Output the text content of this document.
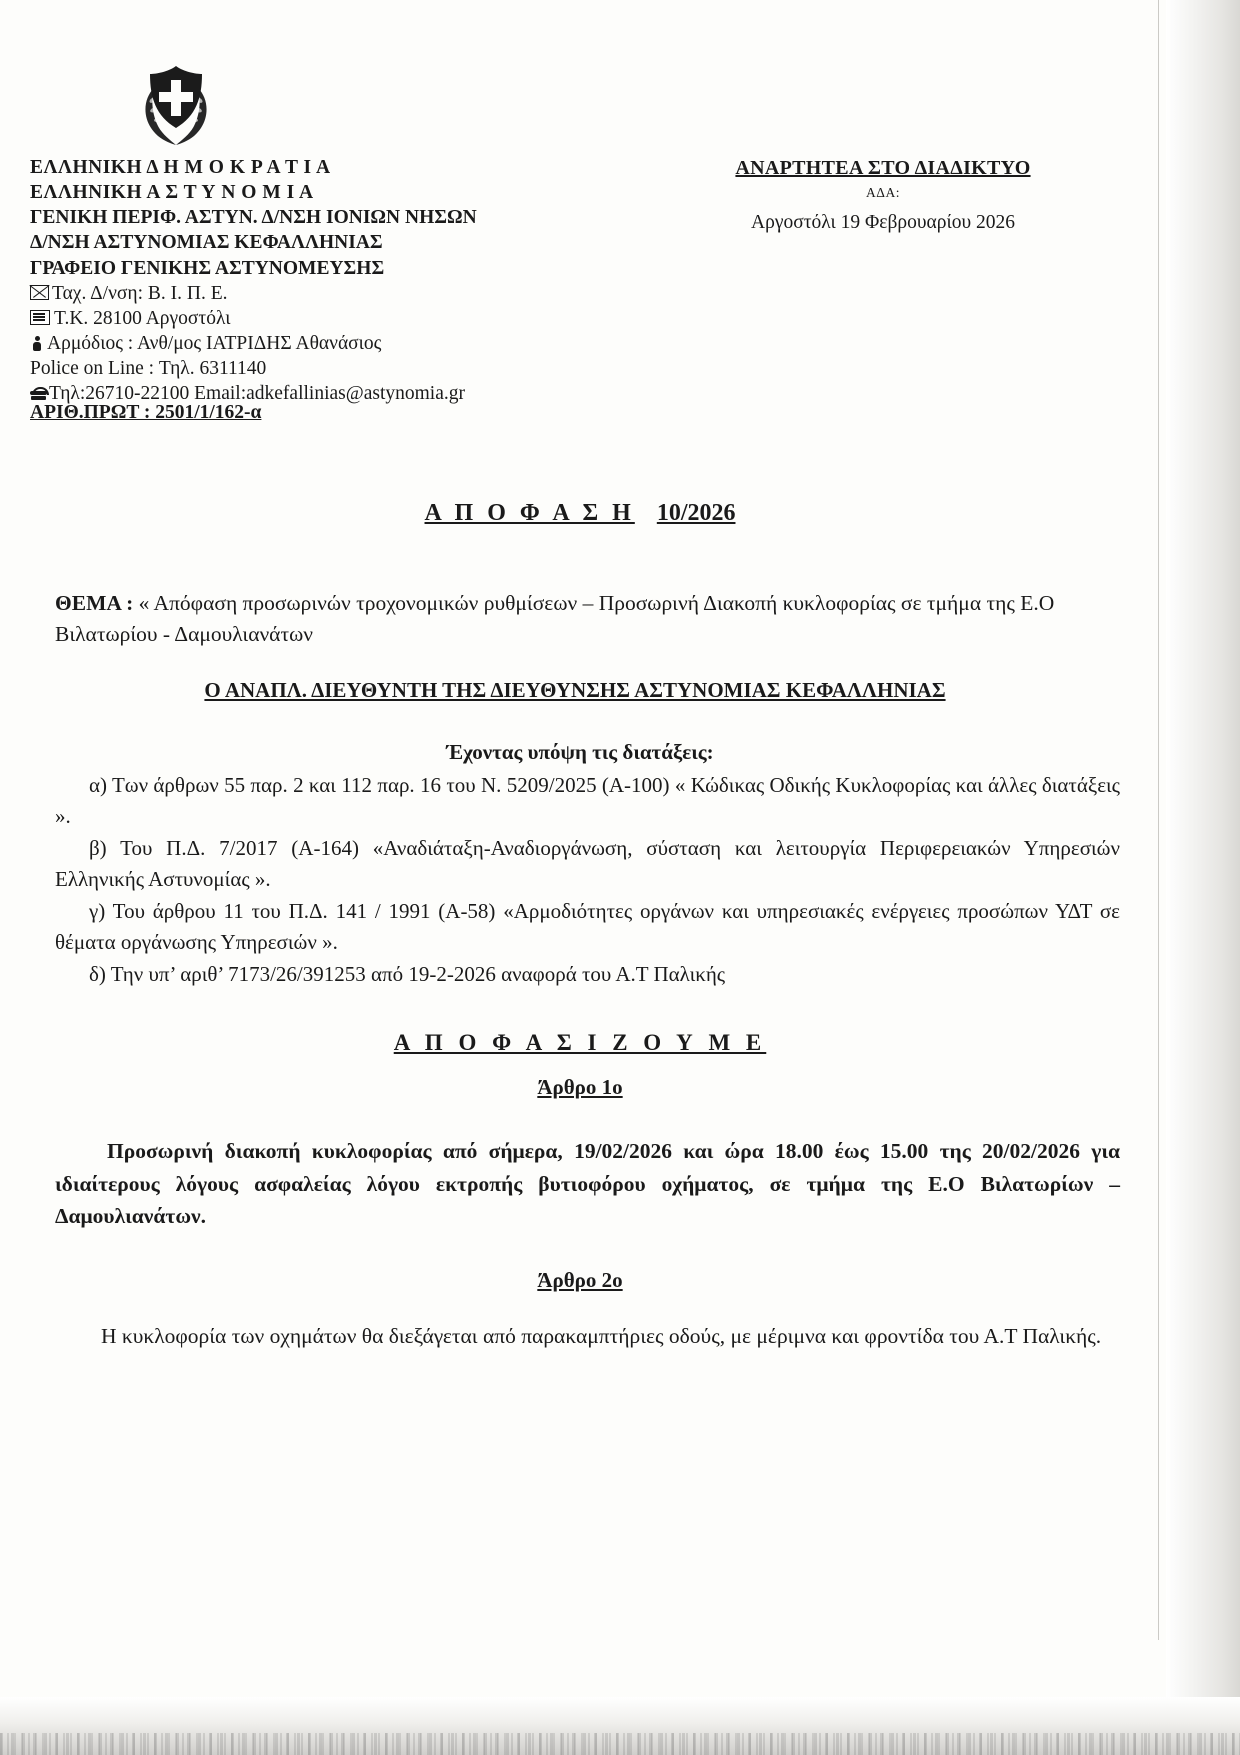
ΕΛΛΗΝΙΚΗ Δ Η Μ Ο Κ Ρ Α Τ Ι Α
ΕΛΛΗΝΙΚΗ Α Σ Τ Υ Ν Ο Μ Ι Α
ΓΕΝΙΚΗ ΠΕΡΙΦ. ΑΣΤΥΝ. Δ/ΝΣΗ ΙΟΝΙΩΝ ΝΗΣΩΝ
Δ/ΝΣΗ ΑΣΤΥΝΟΜΙΑΣ ΚΕΦΑΛΛΗΝΙΑΣ
ΓΡΑΦΕΙΟ ΓΕΝΙΚΗΣ ΑΣΤΥΝΟΜΕΥΣΗΣ
Ταχ. Δ/νση: Β. Ι. Π. Ε.
Τ.Κ. 28100 Αργοστόλι
Αρμόδιος : Ανθ/μος ΙΑΤΡΙΔΗΣ Αθανάσιος
Police on Line : Τηλ. 6311140
Τηλ:26710-22100 Email:adkefallinias@astynomia.gr
ΑΡΙΘ.ΠΡΩΤ : 2501/1/162-α
ΑΝΑΡΤΗΤΕΑ ΣΤΟ ΔΙΑΔΙΚΤΥΟ
ΑΔΑ:
Αργοστόλι 19 Φεβρουαρίου 2026
Α Π Ο Φ Α Σ Η 10/2026
ΘΕΜΑ : « Απόφαση προσωρινών τροχονομικών ρυθμίσεων – Προσωρινή Διακοπή κυκλοφορίας σε τμήμα της Ε.Ο Βιλατωρίου - Δαμουλιανάτων
Ο ΑΝΑΠΛ. ΔΙΕΥΘΥΝΤΗ ΤΗΣ ΔΙΕΥΘΥΝΣΗΣ ΑΣΤΥΝΟΜΙΑΣ ΚΕΦΑΛΛΗΝΙΑΣ
Έχοντας υπόψη τις διατάξεις:

α) Των άρθρων 55 παρ. 2 και 112 παρ. 16 του Ν. 5209/2025 (Α-100) « Κώδικας Οδικής Κυκλοφορίας και άλλες διατάξεις ».

β) Του Π.Δ. 7/2017 (Α-164) «Αναδιάταξη-Αναδιοργάνωση, σύσταση και λειτουργία Περιφερειακών Υπηρεσιών Ελληνικής Αστυνομίας ».

γ) Του άρθρου 11 του Π.Δ. 141 / 1991 (Α-58) «Αρμοδιότητες οργάνων και υπηρεσιακές ενέργειες προσώπων ΥΔΤ σε θέματα οργάνωσης Υπηρεσιών ».

δ) Την υπ’ αριθ’ 7173/26/391253 από 19-2-2026 αναφορά του Α.Τ Παλικής

Α Π Ο Φ Α Σ Ι Ζ Ο Υ Μ Ε
Άρθρο 1ο
Προσωρινή διακοπή κυκλοφορίας από σήμερα, 19/02/2026 και ώρα 18.00 έως 15.00 της 20/02/2026 για ιδιαίτερους λόγους ασφαλείας λόγου εκτροπής βυτιοφόρου οχήματος, σε τμήμα της Ε.Ο Βιλατωρίων – Δαμουλιανάτων.
Άρθρο 2ο
Η κυκλοφορία των οχημάτων θα διεξάγεται από παρακαμπτήριες οδούς, με μέριμνα και φροντίδα του Α.Τ Παλικής.
